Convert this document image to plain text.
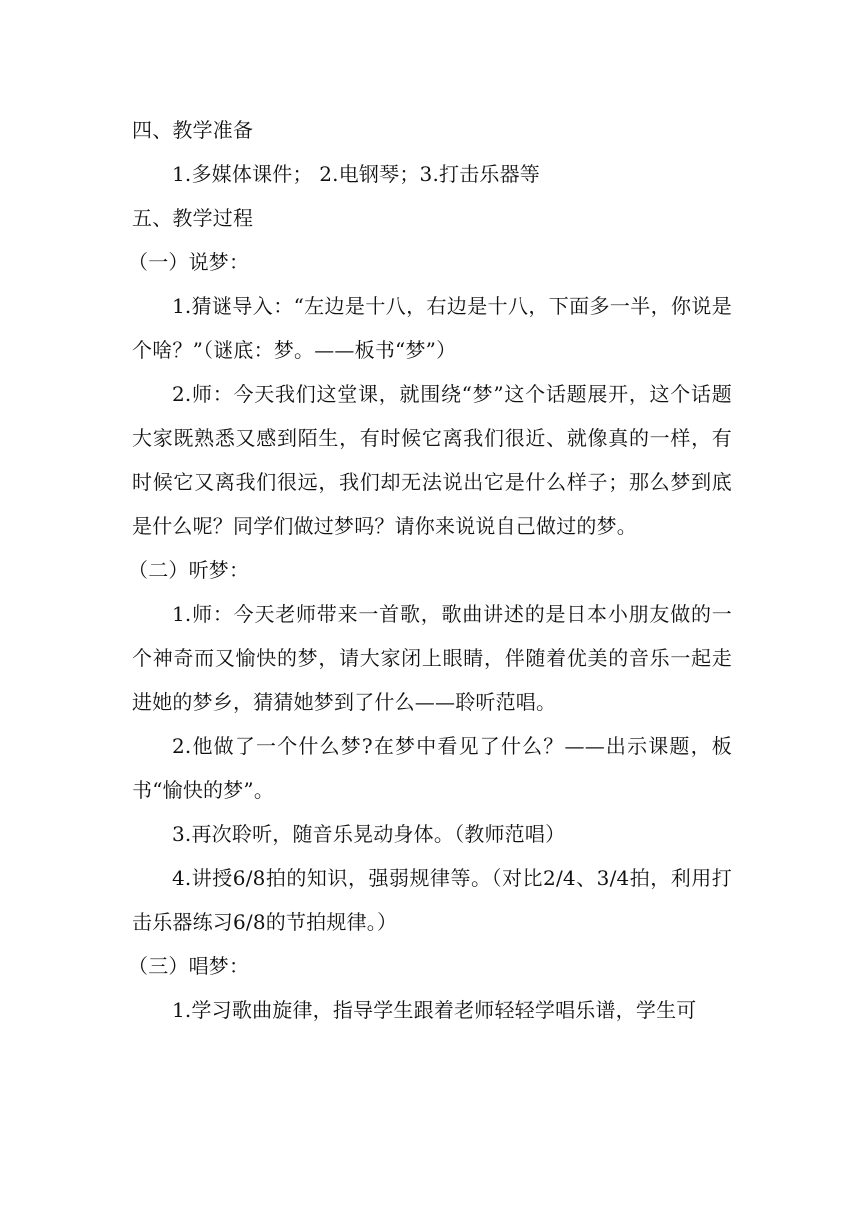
四、教学准备

1.多媒体课件； 2.电钢琴；3.打击乐器等

五、教学过程

（一）说梦：

1.猜谜导入：“左边是十八，右边是十八，下面多一半，你说是个啥？”（谜底：梦。——板书“梦”）

2.师：今天我们这堂课，就围绕“梦”这个话题展开，这个话题大家既熟悉又感到陌生，有时候它离我们很近、就像真的一样，有时候它又离我们很远，我们却无法说出它是什么样子；那么梦到底是什么呢？同学们做过梦吗？请你来说说自己做过的梦。

（二）听梦：

1.师：今天老师带来一首歌，歌曲讲述的是日本小朋友做的一个神奇而又愉快的梦，请大家闭上眼睛，伴随着优美的音乐一起走进她的梦乡，猜猜她梦到了什么——聆听范唱。

2.他做了一个什么梦?在梦中看见了什么？——出示课题，板书“愉快的梦”。

3.再次聆听，随音乐晃动身体。（教师范唱）

4.讲授6/8拍的知识，强弱规律等。（对比2/4、3/4拍，利用打击乐器练习6/8的节拍规律。）

（三）唱梦：

1.学习歌曲旋律，指导学生跟着老师轻轻学唱乐谱，学生可
